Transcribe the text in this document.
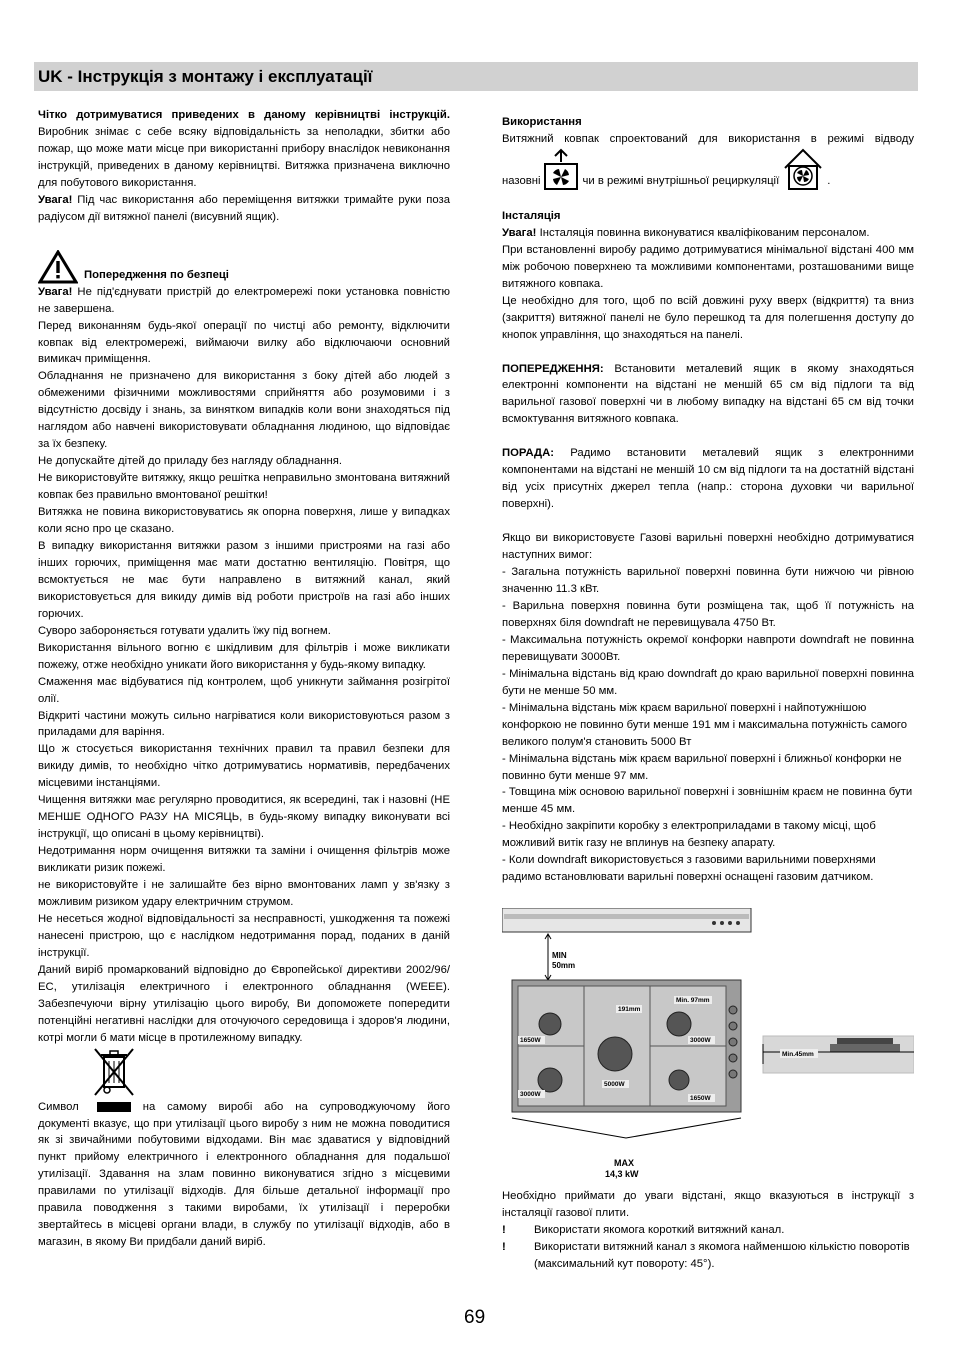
UK - Інструкція з монтажу і експлуатації

Чітко дотримуватися приведених в даному керівництві інструкцій. Виробник знімає с себе всяку відповідальність за неполадки, збитки або пожар, що може мати місце при використанні прибору внаслідок невиконання інструкцій, приведених в даному керівництві. Витяжка призначена виключно для побутового використання.

Увага! Під час використання або переміщення витяжки тримайте руки поза радіусом дії витяжної панелі (висувний ящик).

Попередження по безпеці

Увага! Не під'єднувати пристрій до електромережі поки установка повністю не завершена.

Перед виконанням будь-якої операції по чистці або ремонту, відключити ковпак від електромережі, виймаючи вилку або відключаючи основний вимикач приміщення.

Обладнання не призначено для використання з боку дітей або людей з обмеженими фізичними можливостями сприйняття або розумовими і з відсутністю досвіду і знань, за винятком випадків коли вони знаходяться під наглядом або навчені використовувати обладнання людиною, що відповідає за їх безпеку.

Не допускайте дітей до приладу без нагляду обладнання.

Не використовуйте витяжку, якщо решітка неправильно змонтована витяжний ковпак без правильно вмонтованої решітки!

Витяжка не повина використовуватись як опорна поверхня, лише у випадках коли ясно про це сказано.

В випадку використання витяжки разом з іншими пристроями на газі або інших горючих, приміщення має мати достатню вентиляцію. Повітря, що всмоктується не має бути направлено в витяжний канал, який використовується для викиду димів від роботи пристроїв на газі або інших горючих.

Суворо забороняється готувати удалить їжу під вогнем.

Використання вільного вогню є шкідливим для фільтрів і може викликати пожежу, отже необхідно уникати його використання у будь-якому випадку.

Смаження має відбуватися під контролем, щоб уникнути займання розігрітої олії.

Відкриті частини можуть сильно нагріватися коли використовуються разом з приладами для варіння.

Що ж стосується використання технічних правил та правил безпеки для викиду димів, то необхідно чітко дотримуватись нормативів, передбачених місцевими інстанціями.

Чищення витяжки має регулярно проводитися, як всередині, так і назовні (НЕ МЕНШЕ ОДНОГО РАЗУ НА МІСЯЦЬ, в будь-якому випадку виконувати всі інструкції, що описані в цьому керівництві).

Недотримання норм очищення витяжки та заміни і очищення фільтрів може викликати ризик пожежі.

не використовуйте і не залишайте без вірно вмонтованих ламп у зв'язку з можливим ризиком удару електричним струмом.

Не несеться жодної відповідальності за несправності, ушкодження та пожежі нанесені пристрою, що є наслідком недотримання порад, поданих в даній інструкції.

Даний виріб промаркований відповідно до Європейської директиви 2002/96/ЕС, утилізація електричного і електронного обладнання (WEEE). Забезпечуючи вірну утилізацію цього виробу, Ви допоможете попередити потенційні негативні наслідки для оточуючого середовища і здоров'я людини, котрі могли б мати місце в протилежному випадку.

Символ	на самому виробі або на супроводжуючому його

документі вказує, що при утилізації цього виробу з ним не можна поводитися як зі звичайними побутовими відходами. Він має здаватися у відповідний пункт прийому електричного і електронного обладнання для подальшої утилізації. Здавання на злам повинно виконуватися згідно з місцевими правилами по утилізації відходів. Для більше детальної інформації про правила поводження з такими виробами, їх утилізації і переробки звертайтесь в місцеві органи влади, в службу по утилізації відходів, або в магазин, в якому Ви придбали даний виріб.

Використання

Витяжний ковпак спроектований для використання в режимі відводу

назовні	чи в режимі внутрішньої рециркуляції	.

Інсталяція

Увага! Інсталяція повинна виконуватися кваліфікованим персоналом.

При встановленні виробу радимо дотримуватися мінімальної відстані 400 мм між робочою поверхнею та можливими компонентами, розташованими вище витяжного ковпака.

Це необхідно для того, щоб по всій довжині руху вверх (відкриття) та вниз (закриття) витяжної панелі не було перешкод та для полегшення доступу до кнопок управління, що знаходяться на панелі.

ПОПЕРЕДЖЕННЯ: Встановити металевий ящик в якому знаходяться електронні компоненти на відстані не меншій 65 см від підлоги та від варильної газової поверхні чи в любому випадку на відстані 65 см від точки всмоктування витяжного ковпака.

ПОРАДА: Радимо встановити металевий ящик з електронними компонентами на відстані не меншій 10 см від підлоги та на достатній відстані від усіх присутніх джерел тепла (напр.: сторона духовки чи варильної поверхні).

Якщо ви використовуєте Газові варильні поверхні необхідно дотримуватися наступних вимог:

- Загальна потужність варильної поверхні повинна бути нижчою чи рівною значенню 11.3 кВт.

- Варильна поверхня повинна бути розміщена так, щоб її потужність на поверхнях біля downdraft не перевищувала 4750 Вт.

- Максимальна потужність окремої конфорки навпроти downdraft не повинна перевищувати 3000Вт.

- Мінімальна відстань від краю downdraft до краю варильної поверхні повинна бути не менше 50 мм.

- Мінімальна відстань між краєм варильної поверхні і найпотужнішою конфоркою не повинно бути менше 191 мм і максимальна потужність самого великого полум'я становить 5000 Вт

- Мінімальна відстань між краєм варильної поверхні і ближньої конфорки не повинно бути менше 97 мм.

- Товщина між основою варильної поверхні і зовнішнім краєм не повинна бути менше 45 мм.

- Необхідно закріпити коробку з електроприладами в такому місці, щоб можливий витік газу не вплинув на безпеку апарату.

- Коли downdraft використовується з газовими варильними поверхнями радимо встановлювати варильні поверхні оснащені газовим датчиком.

MIN
50mm
Min. 97mm
191mm
1650W	3000W
5000W
3000W
1650W
Min.45mm
MAX
14,3 kW

Необхідно приймати до уваги відстані, якщо вказуються в інструкції з інсталяції газової плити.

!	Використати якомога короткий витяжний канал.
!	Використати витяжний канал з якомога найменшою кількістю поворотів (максимальний кут повороту: 45°).
69
